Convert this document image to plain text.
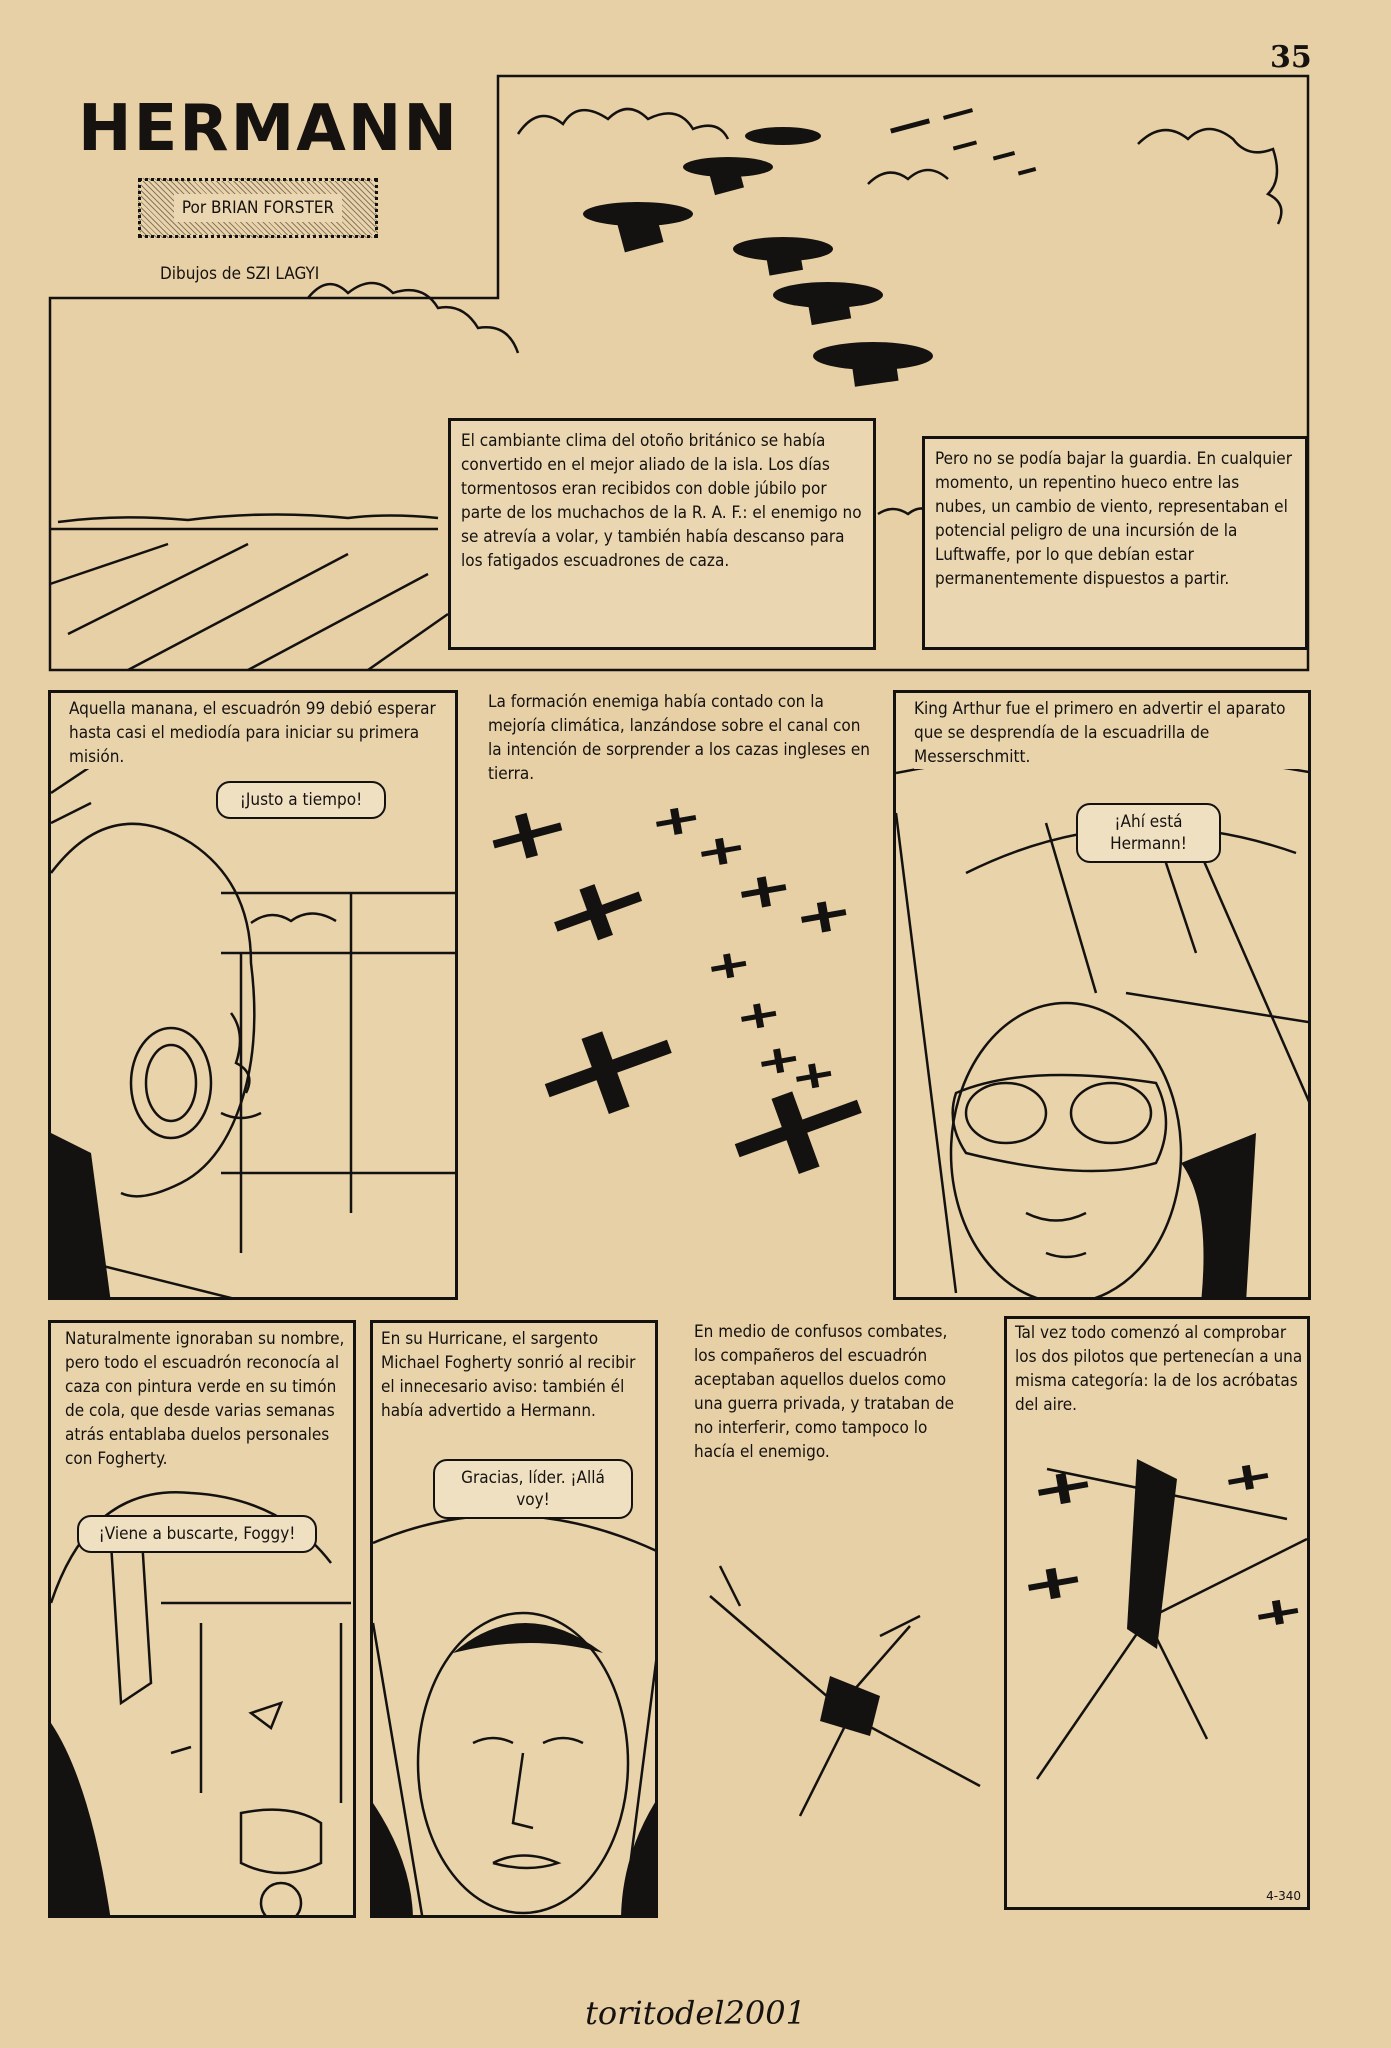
35
HERMANN
Por BRIAN FORSTER
Dibujos de SZI LAGYI
El cambiante clima del otoño británico se había convertido en el mejor aliado de la isla. Los días tormentosos eran recibidos con doble júbilo por parte de los muchachos de la R. A. F.: el enemigo no se atrevía a volar, y también había descanso para los fatigados escuadrones de caza.
Pero no se podía bajar la guardia. En cualquier momento, un repentino hueco entre las nubes, un cambio de viento, representaban el potencial peligro de una incursión de la Luftwaffe, por lo que debían estar permanentemente dispuestos a partir.
Aquella manana, el escuadrón 99 debió esperar hasta casi el mediodía para iniciar su primera misión.
¡Justo a tiempo!
La formación enemiga había contado con la mejoría climática, lanzándose sobre el canal con la intención de sorprender a los cazas ingleses en tierra.
King Arthur fue el primero en advertir el aparato que se desprendía de la escuadrilla de Messerschmitt.
¡Ahí está Hermann!
Naturalmente ignoraban su nombre, pero todo el escuadrón reconocía al caza con pintura verde en su timón de cola, que desde varias semanas atrás entablaba duelos personales con Fogherty.
¡Viene a buscarte, Foggy!
En su Hurricane, el sargento Michael Fogherty sonrió al recibir el innecesario aviso: también él había advertido a Hermann.
Gracias, líder. ¡Allá voy!
En medio de confusos combates, los compañeros del escuadrón aceptaban aquellos duelos como una guerra privada, y trataban de no interferir, como tampoco lo hacía el enemigo.
Tal vez todo comenzó al comprobar los dos pilotos que pertenecían a una misma categoría: la de los acróbatas del aire.
4-340
toritodel2001
